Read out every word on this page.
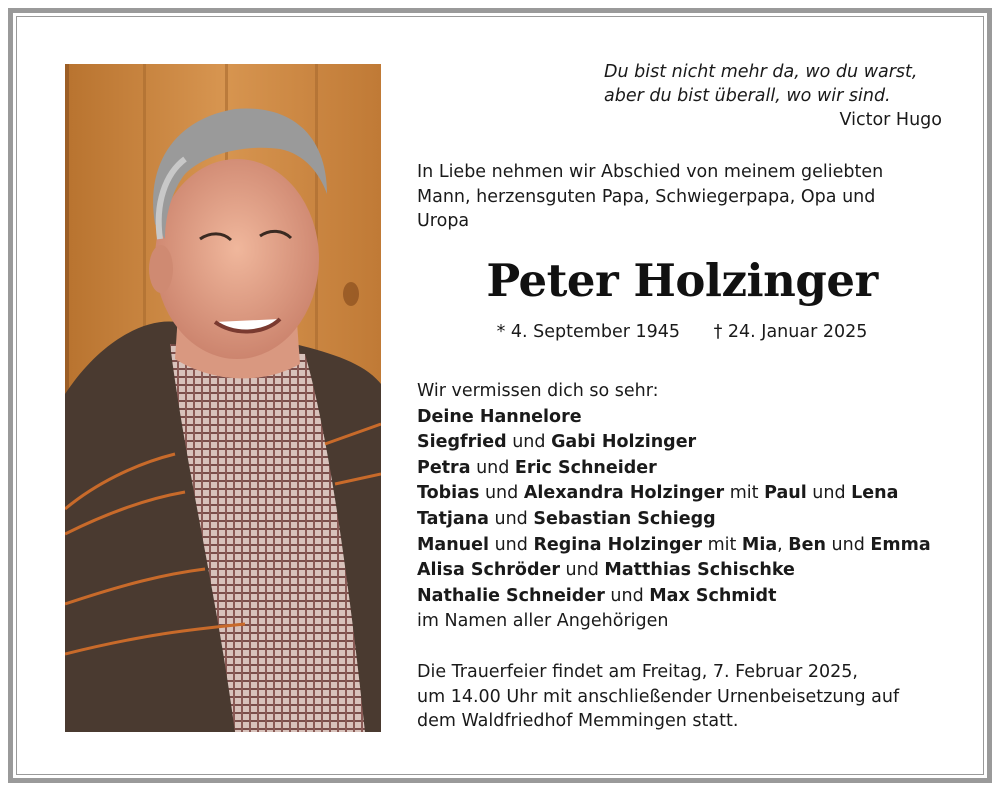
Du bist nicht mehr da, wo du warst,
aber du bist überall, wo wir sind.
Victor Hugo
In Liebe nehmen wir Abschied von meinem geliebten
Mann, herzensguten Papa, Schwiegerpapa, Opa und
Uropa
Peter Holzinger
* 4. September 1945 † 24. Januar 2025
Wir vermissen dich so sehr:
Deine Hannelore
Siegfried und Gabi Holzinger
Petra und Eric Schneider
Tobias und Alexandra Holzinger mit Paul und Lena
Tatjana und Sebastian Schiegg
Manuel und Regina Holzinger mit Mia, Ben und Emma
Alisa Schröder und Matthias Schischke
Nathalie Schneider und Max Schmidt
im Namen aller Angehörigen
Die Trauerfeier findet am Freitag, 7. Februar 2025,
um 14.00 Uhr mit anschließender Urnenbeisetzung auf
dem Waldfriedhof Memmingen statt.
